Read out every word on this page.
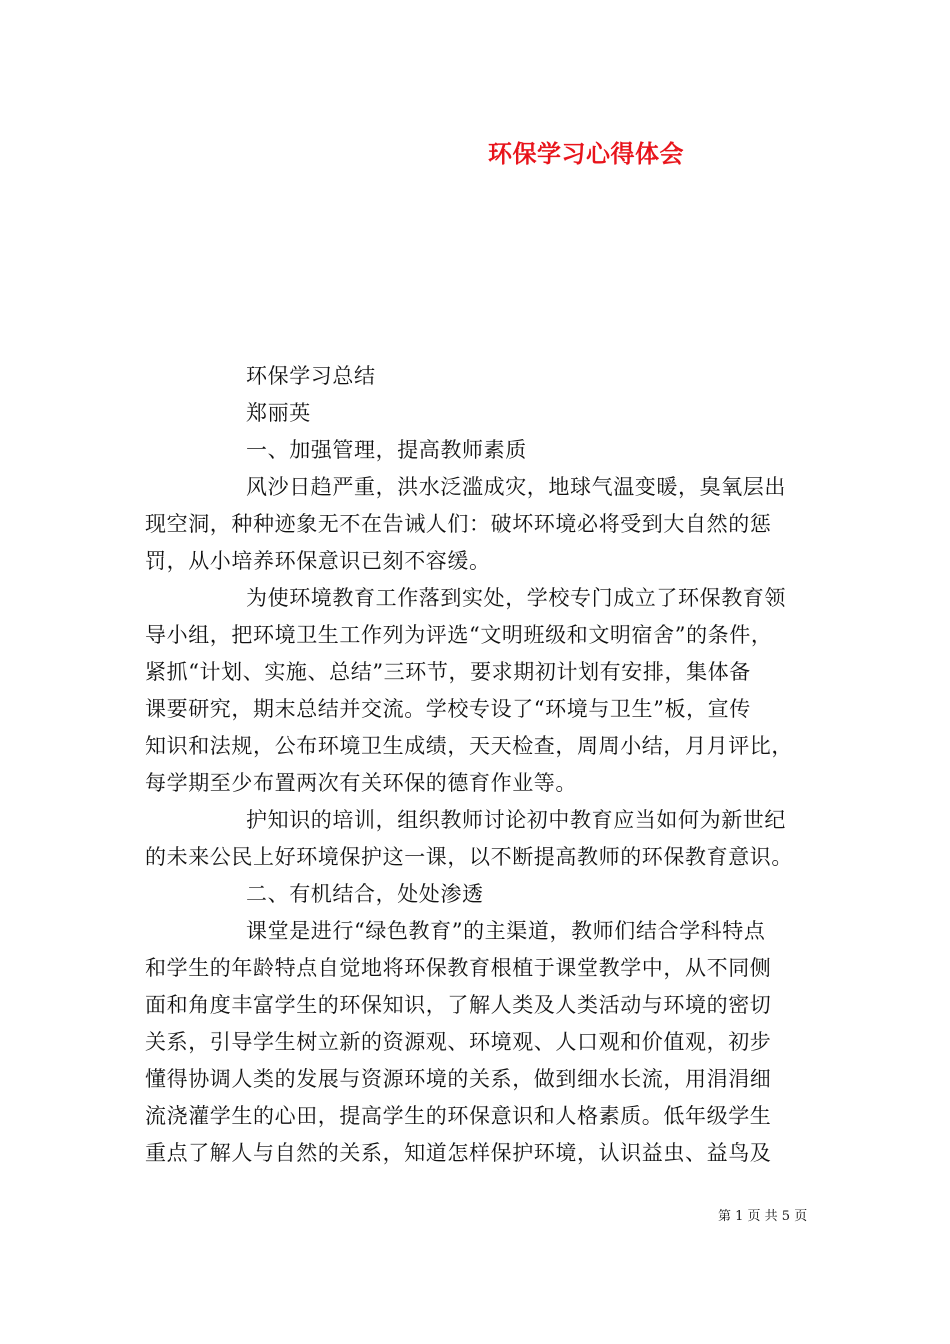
环保学习心得体会
环保学习总结
郑丽英
一、加强管理，提高教师素质
风沙日趋严重，洪水泛滥成灾，地球气温变暖，臭氧层出
现空洞，种种迹象无不在告诫人们：破坏环境必将受到大自然的惩
罚，从小培养环保意识已刻不容缓。
为使环境教育工作落到实处，学校专门成立了环保教育领
导小组，把环境卫生工作列为评选“文明班级和文明宿舍”的条件，
紧抓“计划、实施、总结”三环节，要求期初计划有安排，集体备
课要研究，期末总结并交流。学校专设了“环境与卫生”板，宣传
知识和法规，公布环境卫生成绩，天天检查，周周小结，月月评比，
每学期至少布置两次有关环保的德育作业等。
护知识的培训，组织教师讨论初中教育应当如何为新世纪
的未来公民上好环境保护这一课，以不断提高教师的环保教育意识。
二、有机结合，处处渗透
课堂是进行“绿色教育”的主渠道，教师们结合学科特点
和学生的年龄特点自觉地将环保教育根植于课堂教学中，从不同侧
面和角度丰富学生的环保知识，了解人类及人类活动与环境的密切
关系，引导学生树立新的资源观、环境观、人口观和价值观，初步
懂得协调人类的发展与资源环境的关系，做到细水长流，用涓涓细
流浇灌学生的心田，提高学生的环保意识和人格素质。低年级学生
重点了解人与自然的关系，知道怎样保护环境，认识益虫、益鸟及
第 1 页 共 5 页
